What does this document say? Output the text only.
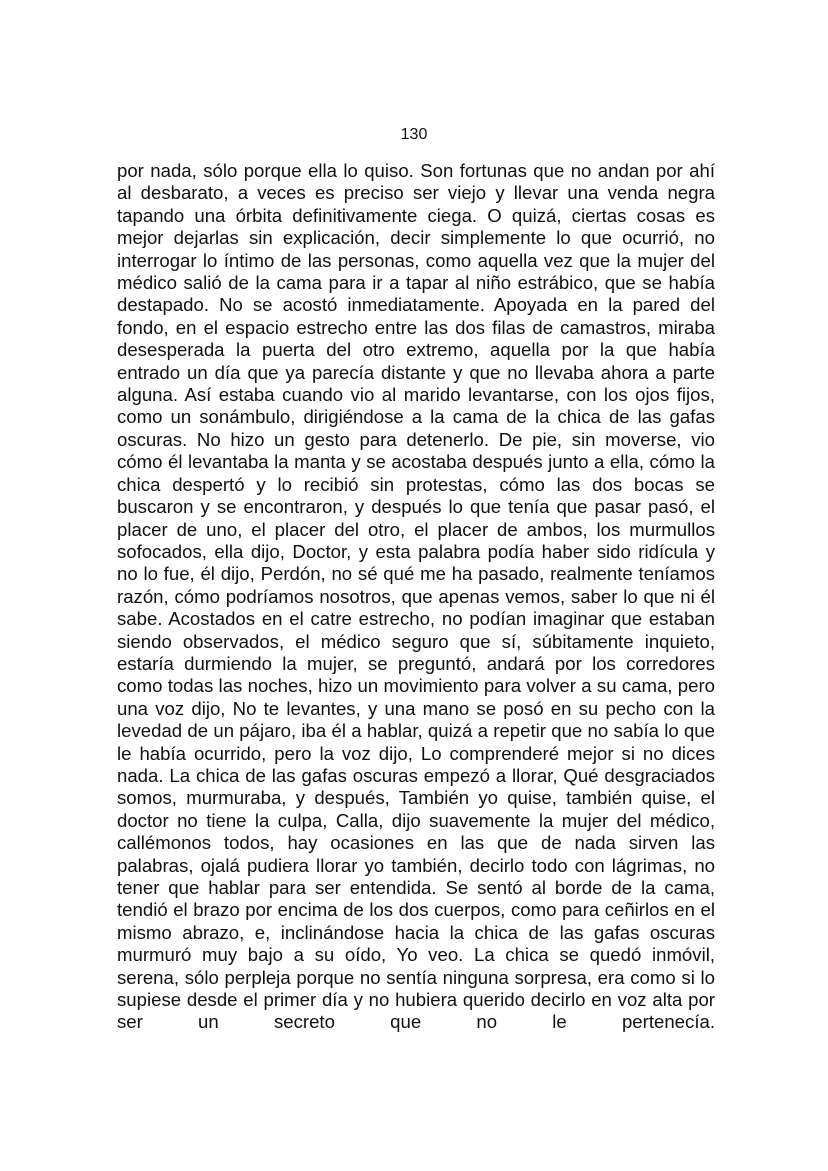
130

por nada, sólo porque ella lo quiso. Son fortunas que no andan por ahí al desbarato, a veces es preciso ser viejo y llevar una venda negra tapando una órbita definitivamente ciega. O quizá, ciertas cosas es mejor dejarlas sin explicación, decir simplemente lo que ocurrió, no interrogar lo íntimo de las personas, como aquella vez que la mujer del médico salió de la cama para ir a tapar al niño estrábico, que se había destapado. No se acostó inmediatamente. Apoyada en la pared del fondo, en el espacio estrecho entre las dos filas de camastros, miraba desesperada la puerta del otro extremo, aquella por la que había entrado un día que ya parecía distante y que no llevaba ahora a parte alguna. Así estaba cuando vio al marido levantarse, con los ojos fijos, como un sonámbulo, dirigiéndose a la cama de la chica de las gafas oscuras. No hizo un gesto para detenerlo. De pie, sin moverse, vio cómo él levantaba la manta y se acostaba después junto a ella, cómo la chica despertó y lo recibió sin protestas, cómo las dos bocas se buscaron y se encontraron, y después lo que tenía que pasar pasó, el placer de uno, el placer del otro, el placer de ambos, los murmullos sofocados, ella dijo, Doctor, y esta palabra podía haber sido ridícula y no lo fue, él dijo, Perdón, no sé qué me ha pasado, realmente teníamos razón, cómo podríamos nosotros, que apenas vemos, saber lo que ni él sabe. Acostados en el catre estrecho, no podían imaginar que estaban siendo observados, el médico seguro que sí, súbitamente inquieto, estaría durmiendo la mujer, se preguntó, andará por los corredores como todas las noches, hizo un movimiento para volver a su cama, pero una voz dijo, No te levantes, y una mano se posó en su pecho con la levedad de un pájaro, iba él a hablar, quizá a repetir que no sabía lo que le había ocurrido, pero la voz dijo, Lo comprenderé mejor si no dices nada. La chica de las gafas oscuras empezó a llorar, Qué desgraciados somos, murmuraba, y después, También yo quise, también quise, el doctor no tiene la culpa, Calla, dijo suavemente la mujer del médico, callémonos todos, hay ocasiones en las que de nada sirven las palabras, ojalá pudiera llorar yo también, decirlo todo con lágrimas, no tener que hablar para ser entendida. Se sentó al borde de la cama, tendió el brazo por encima de los dos cuerpos, como para ceñirlos en el mismo abrazo, e, inclinándose hacia la chica de las gafas oscuras murmuró muy bajo a su oído, Yo veo. La chica se quedó inmóvil, serena, sólo perpleja porque no sentía ninguna sorpresa, era como si lo supiese desde el primer día y no hubiera querido decirlo en voz alta por ser un secreto que no le pertenecía.
